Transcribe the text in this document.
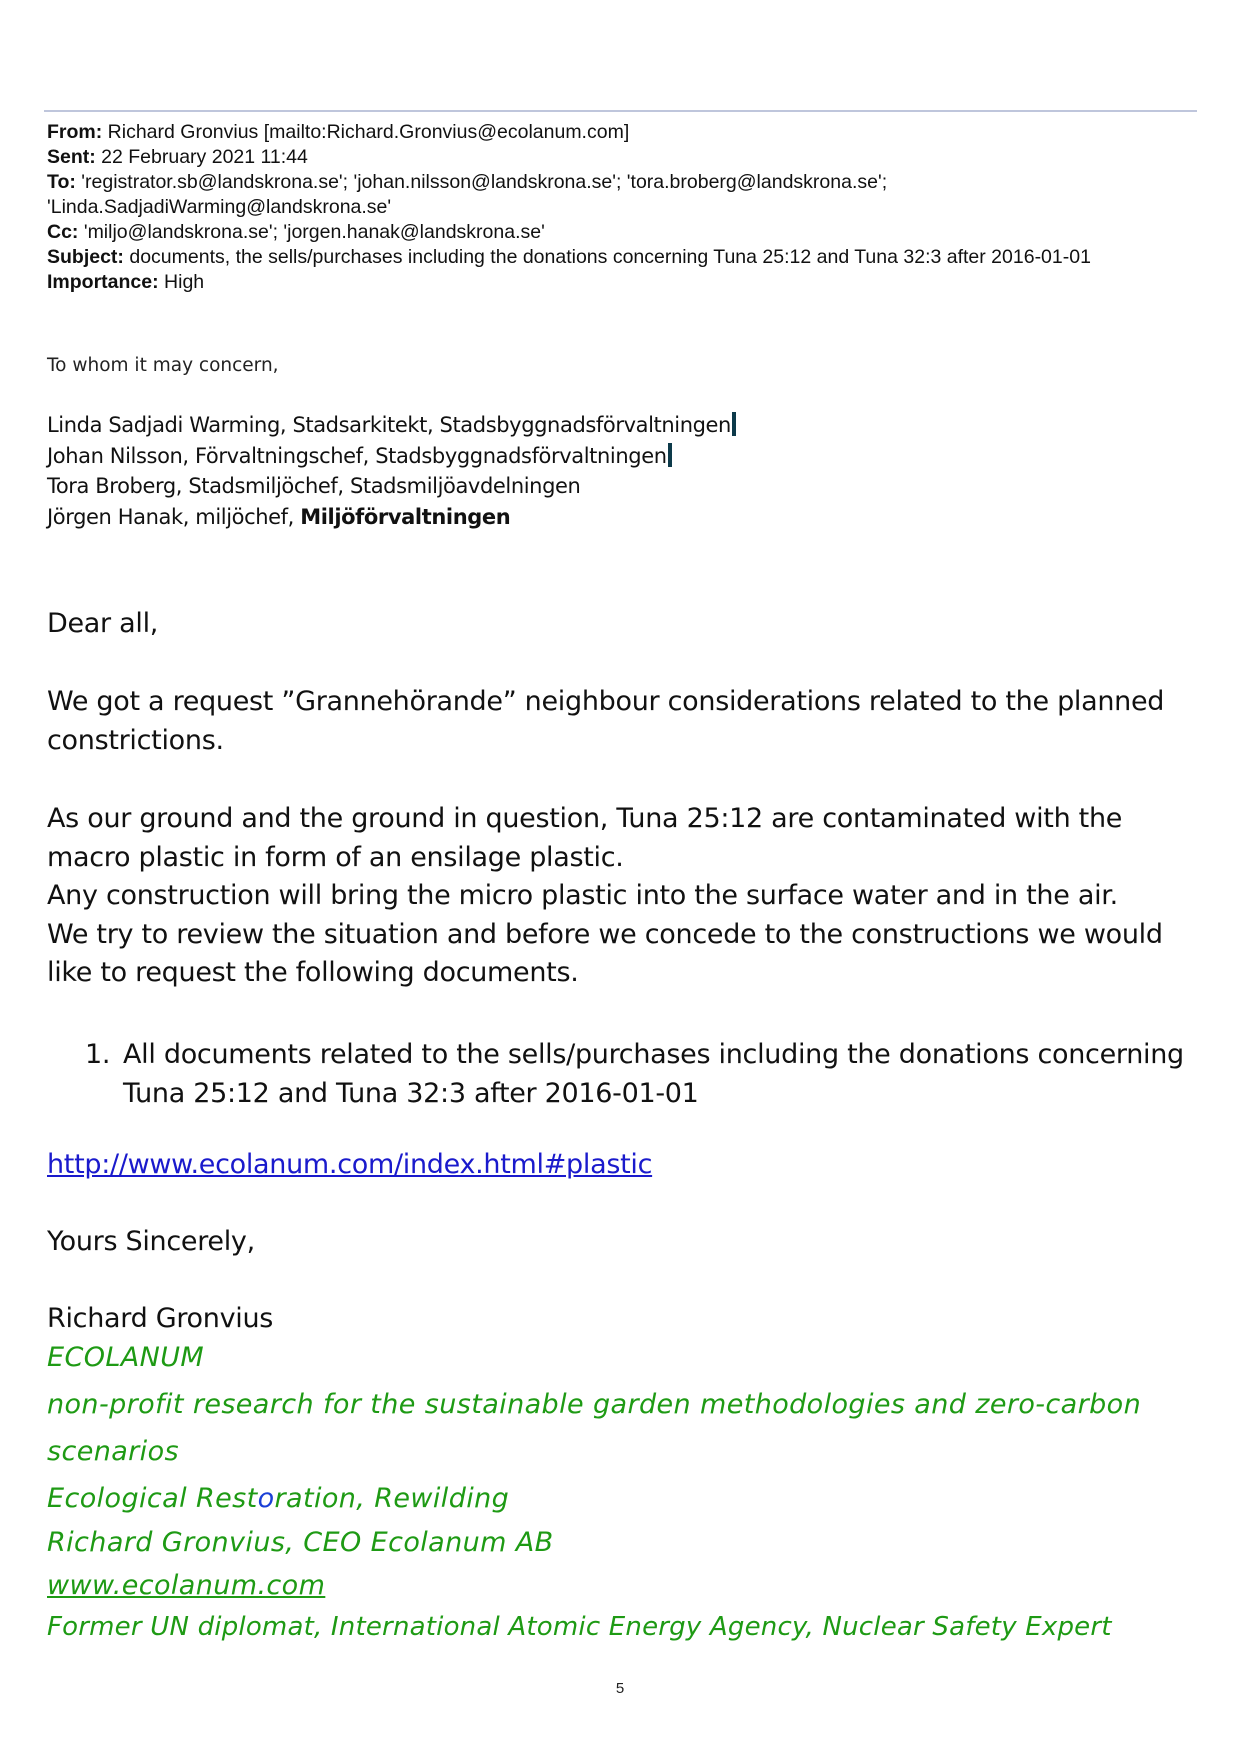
From: Richard Gronvius [mailto:Richard.Gronvius@ecolanum.com]
Sent: 22 February 2021 11:44
To: 'registrator.sb@landskrona.se'; 'johan.nilsson@landskrona.se'; 'tora.broberg@landskrona.se';
'Linda.SadjadiWarming@landskrona.se'
Cc: 'miljo@landskrona.se'; 'jorgen.hanak@landskrona.se'
Subject: documents, the sells/purchases including the donations concerning Tuna 25:12 and Tuna 32:3 after 2016-01-01
Importance: High
To whom it may concern,
Linda Sadjadi Warming, Stadsarkitekt, Stadsbyggnadsförvaltningen
Johan Nilsson, Förvaltningschef, Stadsbyggnadsförvaltningen
Tora Broberg, Stadsmiljöchef, Stadsmiljöavdelningen
Jörgen Hanak, miljöchef, Miljöförvaltningen
Dear all,
We got a request ”Grannehörande” neighbour considerations related to the planned
constrictions.
As our ground and the ground in question, Tuna 25:12 are contaminated with the
macro plastic in form of an ensilage plastic.
Any construction will bring the micro plastic into the surface water and in the air.
We try to review the situation and before we concede to the constructions we would
like to request the following documents.
1. All documents related to the sells/purchases including the donations concerning
Tuna 25:12 and Tuna 32:3 after 2016-01-01
http://www.ecolanum.com/index.html#plastic
Yours Sincerely,
Richard Gronvius
ECOLANUM
non-profit research for the sustainable garden methodologies and zero-carbon
scenarios
Ecological Restoration, Rewilding
Richard Gronvius, CEO Ecolanum AB
www.ecolanum.com
Former UN diplomat, International Atomic Energy Agency, Nuclear Safety Expert
5
